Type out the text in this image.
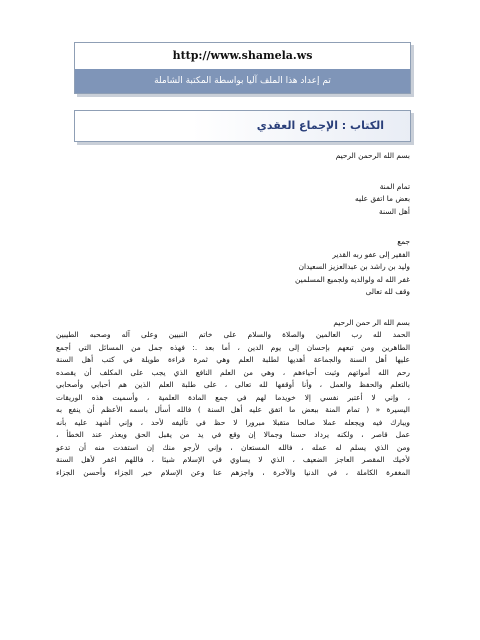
http://www.shamela.ws
تم إعداد هذا الملف آليا بواسطة المكتبة الشاملة
الكتاب : الإجماع العقدي
بسم الله الرحمن الرحيم
تمام المنة
بعض ما اتفق عليه
أهل السنة
جمع
الفقير إلى عفو ربه القدير
وليد بن راشد بن عبدالعزيز السعيدان
غفر الله له ولوالديه ولجميع المسلمين
وقف لله تعالى
بسم الله الر حمن الرحيم
الحمد لله رب العالمين والصلاة والسلام على خاتم النبيين وعلى آله وصحبه الطيبين
الطاهرين ومن تبعهم بإحسان إلى يوم الدين ، أما بعد .: فهذه جمل من المسائل التي أجمع
عليها أهل السنة والجماعة أهديها لطلبة العلم وهي ثمرة قراءة طويلة في كتب أهل السنة
رحم الله أمواتهم وثبت أحياءهم ، وهي من العلم النافع الذي يجب على المكلف أن يقصده
بالتعلم والحفظ والعمل ، وأنا أوقفها لله تعالى ، على طلبة العلم الذين هم أحبابي وأصحابي
، وإني لا أعتبر نفسي إلا خويدما لهم في جمع المادة العلمية ، وأسميت هذه الوريقات
اليسيرة « ( تمام المنة ببعض ما اتفق عليه أهل السنة ) فالله أسأل باسمه الأعظم أن ينفع به
ويبارك فيه ويجعله عملا صالحا متقبلا مبرورا لا حظ في تأليفه لأحد ، وإني أشهد عليه بأنه
عمل قاصر ، ولكنه يرداد حسنا وجمالا إن وقع في يد من يقبل الحق ويعذر عند الخطأ ،
ومن الذي يسلم له عمله ، فالله المستعان ، وإني لأرجو منك إن استفدت منه أن تدعو
لأخيك المقصر العاجز الضعيف ، الذي لا يساوي في الإسلام شيئا ، فاللهم اغفر لأهل السنة
المغفرة الكاملة ، في الدنيا والآخرة ، واجزهم عنا وعن الإسلام خير الجزاء وأحسن الجزاء
